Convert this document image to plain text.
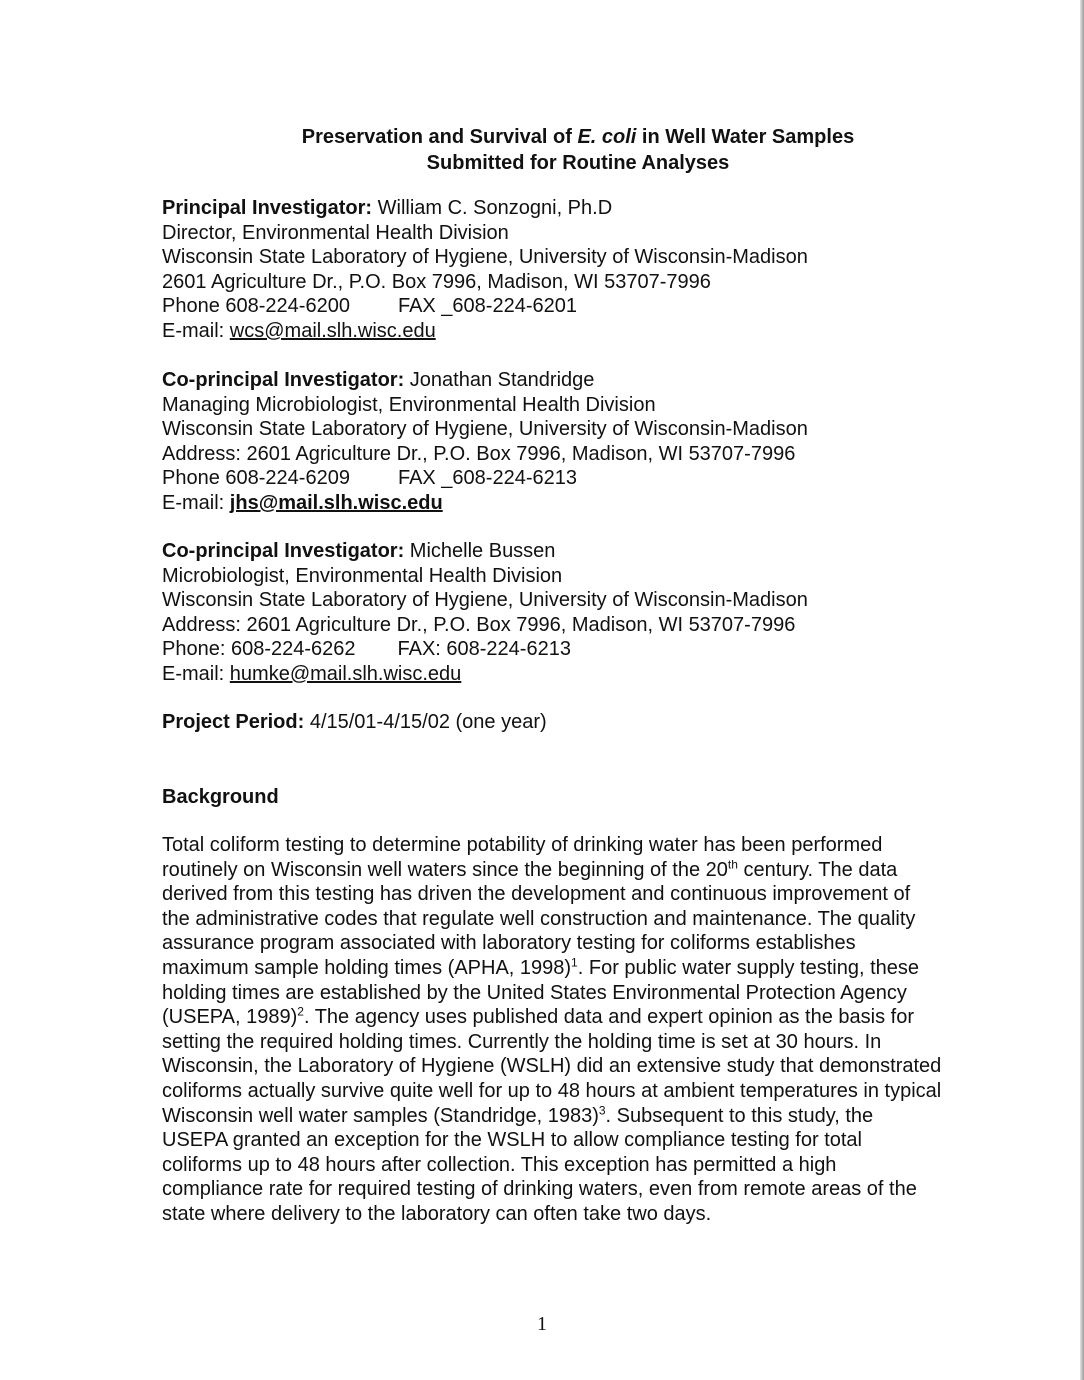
Preservation and Survival of E. coli in Well Water Samples
Submitted for Routine Analyses
Principal Investigator: William C. Sonzogni, Ph.D
Director, Environmental Health Division
Wisconsin State Laboratory of Hygiene, University of Wisconsin-Madison
2601 Agriculture Dr., P.O. Box 7996, Madison, WI 53707-7996
Phone 608-224-6200 FAX _608-224-6201
E-mail: wcs@mail.slh.wisc.edu
Co-principal Investigator: Jonathan Standridge
Managing Microbiologist, Environmental Health Division
Wisconsin State Laboratory of Hygiene, University of Wisconsin-Madison
Address: 2601 Agriculture Dr., P.O. Box 7996, Madison, WI 53707-7996
Phone 608-224-6209 FAX _608-224-6213
E-mail: jhs@mail.slh.wisc.edu
Co-principal Investigator: Michelle Bussen
Microbiologist, Environmental Health Division
Wisconsin State Laboratory of Hygiene, University of Wisconsin-Madison
Address: 2601 Agriculture Dr., P.O. Box 7996, Madison, WI 53707-7996
Phone: 608-224-6262 FAX: 608-224-6213
E-mail: humke@mail.slh.wisc.edu
Project Period: 4/15/01-4/15/02 (one year)
Background
Total coliform testing to determine potability of drinking water has been performed
routinely on Wisconsin well waters since the beginning of the 20th century. The data
derived from this testing has driven the development and continuous improvement of
the administrative codes that regulate well construction and maintenance. The quality
assurance program associated with laboratory testing for coliforms establishes
maximum sample holding times (APHA, 1998)$^1$. For public water supply testing, these
holding times are established by the United States Environmental Protection Agency
(USEPA, 1989)$^2$. The agency uses published data and expert opinion as the basis for
setting the required holding times. Currently the holding time is set at 30 hours. In
Wisconsin, the Laboratory of Hygiene (WSLH) did an extensive study that demonstrated
coliforms actually survive quite well for up to 48 hours at ambient temperatures in typical
Wisconsin well water samples (Standridge, 1983)$^3$. Subsequent to this study, the
USEPA granted an exception for the WSLH to allow compliance testing for total
coliforms up to 48 hours after collection. This exception has permitted a high
compliance rate for required testing of drinking waters, even from remote areas of the
state where delivery to the laboratory can often take two days.
1
